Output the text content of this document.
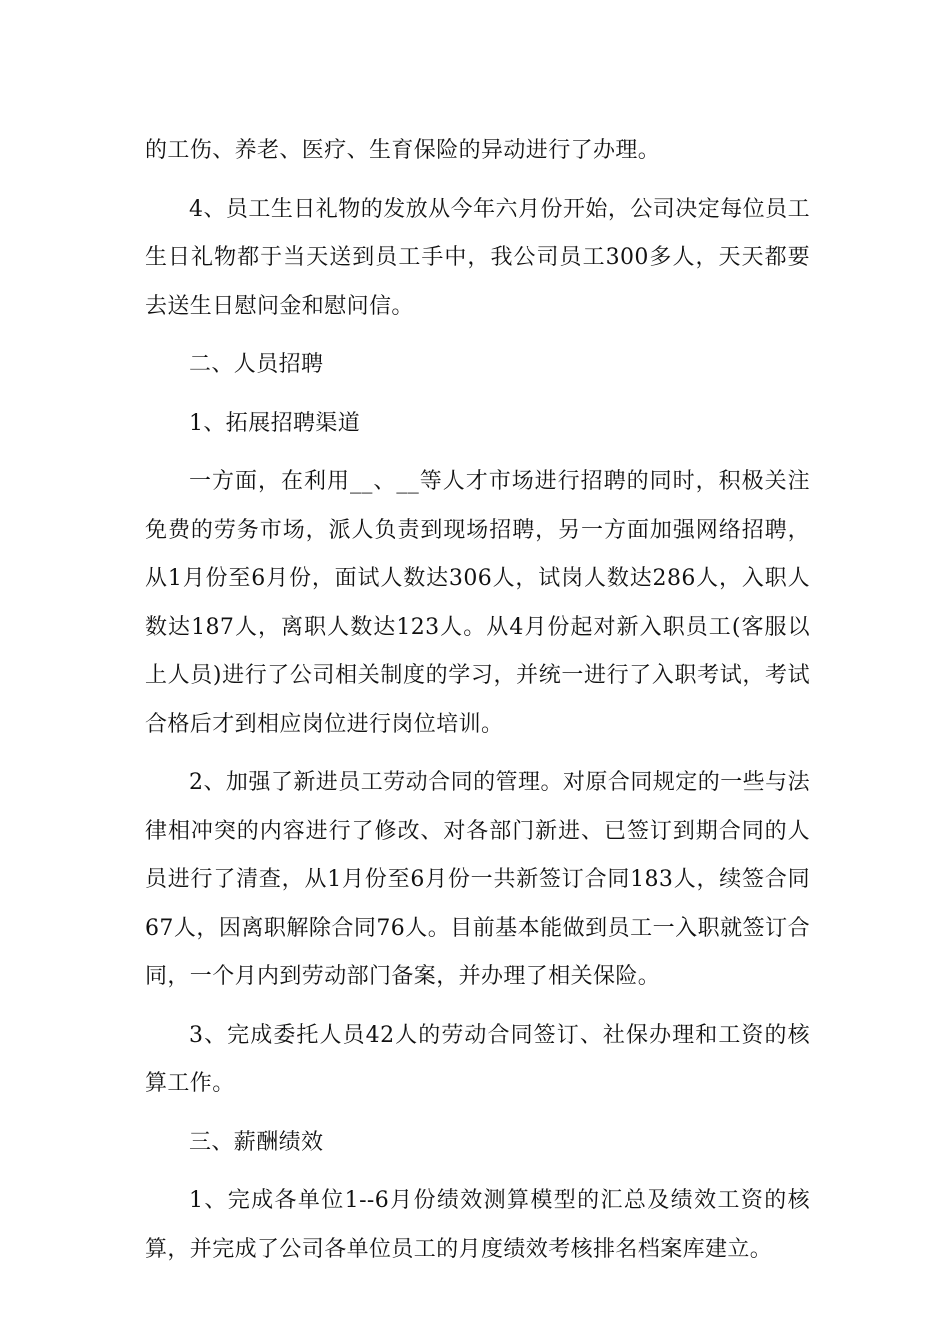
的工伤、养老、医疗、生育保险的异动进行了办理。

4、员工生日礼物的发放从今年六月份开始，公司决定每位员工生日礼物都于当天送到员工手中，我公司员工300多人，天天都要去送生日慰问金和慰问信。

二、人员招聘

1、拓展招聘渠道

一方面，在利用__、__等人才市场进行招聘的同时，积极关注免费的劳务市场，派人负责到现场招聘，另一方面加强网络招聘，从1月份至6月份，面试人数达306人，试岗人数达286人，入职人数达187人，离职人数达123人。从4月份起对新入职员工(客服以上人员)进行了公司相关制度的学习，并统一进行了入职考试，考试合格后才到相应岗位进行岗位培训。

2、加强了新进员工劳动合同的管理。对原合同规定的一些与法律相冲突的内容进行了修改、对各部门新进、已签订到期合同的人员进行了清查，从1月份至6月份一共新签订合同183人，续签合同67人，因离职解除合同76人。目前基本能做到员工一入职就签订合同，一个月内到劳动部门备案，并办理了相关保险。

3、完成委托人员42人的劳动合同签订、社保办理和工资的核算工作。

三、薪酬绩效

1、完成各单位1--6月份绩效测算模型的汇总及绩效工资的核算，并完成了公司各单位员工的月度绩效考核排名档案库建立。
